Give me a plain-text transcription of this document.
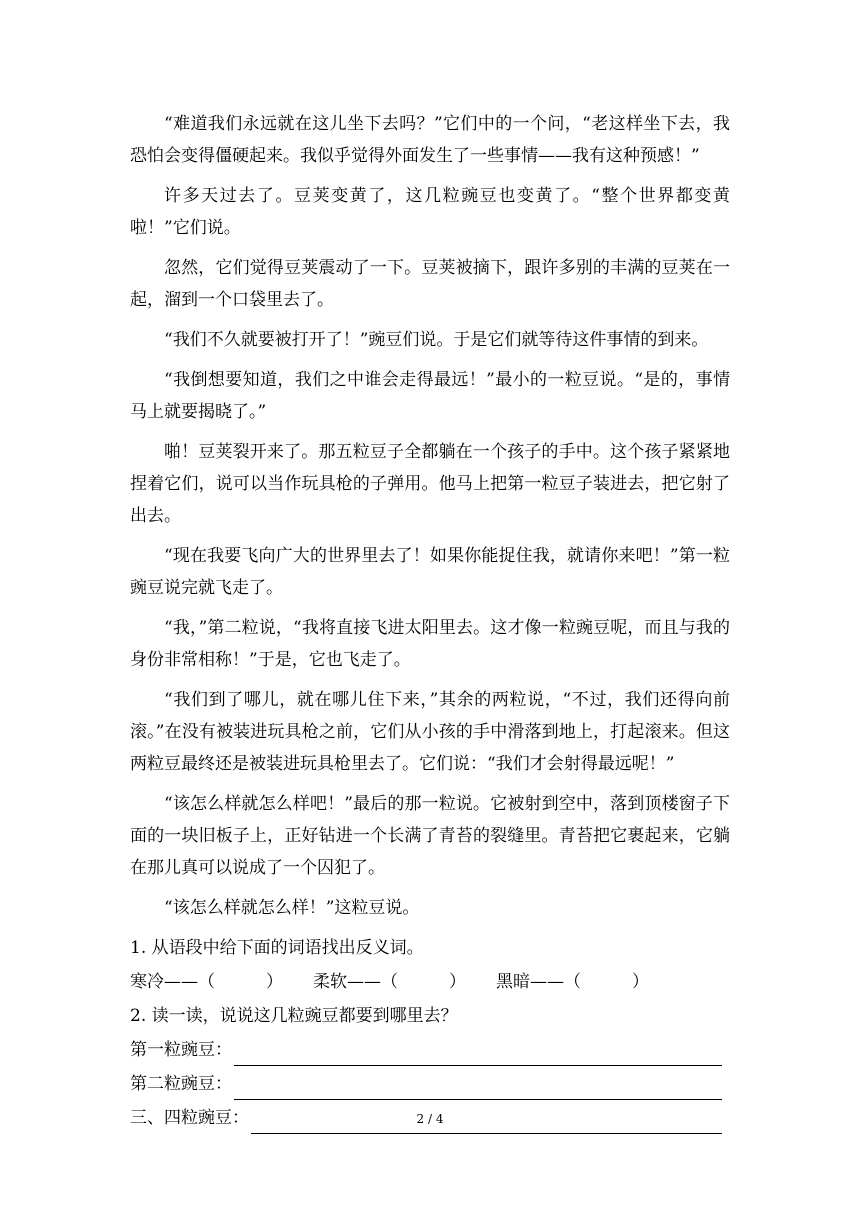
“难道我们永远就在这儿坐下去吗？”它们中的一个问，“老这样坐下去，我恐怕会变得僵硬起来。我似乎觉得外面发生了一些事情——我有这种预感！”

许多天过去了。豆荚变黄了，这几粒豌豆也变黄了。“整个世界都变黄啦！”它们说。

忽然，它们觉得豆荚震动了一下。豆荚被摘下，跟许多别的丰满的豆荚在一起，溜到一个口袋里去了。

“我们不久就要被打开了！”豌豆们说。于是它们就等待这件事情的到来。

“我倒想要知道，我们之中谁会走得最远！”最小的一粒豆说。“是的，事情马上就要揭晓了。”

啪！豆荚裂开来了。那五粒豆子全都躺在一个孩子的手中。这个孩子紧紧地捏着它们，说可以当作玩具枪的子弹用。他马上把第一粒豆子装进去，把它射了出去。

“现在我要飞向广大的世界里去了！如果你能捉住我，就请你来吧！”第一粒豌豆说完就飞走了。

“我，”第二粒说，“我将直接飞进太阳里去。这才像一粒豌豆呢，而且与我的身份非常相称！”于是，它也飞走了。

“我们到了哪儿，就在哪儿住下来，”其余的两粒说，“不过，我们还得向前滚。”在没有被装进玩具枪之前，它们从小孩的手中滑落到地上，打起滚来。但这两粒豆最终还是被装进玩具枪里去了。它们说：“我们才会射得最远呢！”

“该怎么样就怎么样吧！”最后的那一粒说。它被射到空中，落到顶楼窗子下面的一块旧板子上，正好钻进一个长满了青苔的裂缝里。青苔把它裹起来，它躺在那儿真可以说成了一个囚犯了。

“该怎么样就怎么样！”这粒豆说。

1. 从语段中给下面的词语找出反义词。

寒冷——（　　　） 柔软——（　　　） 黑暗——（　　　）

2. 读一读，说说这几粒豌豆都要到哪里去？

第一粒豌豆：
第二粒豌豆：
三、四粒豌豆：	2 / 4
